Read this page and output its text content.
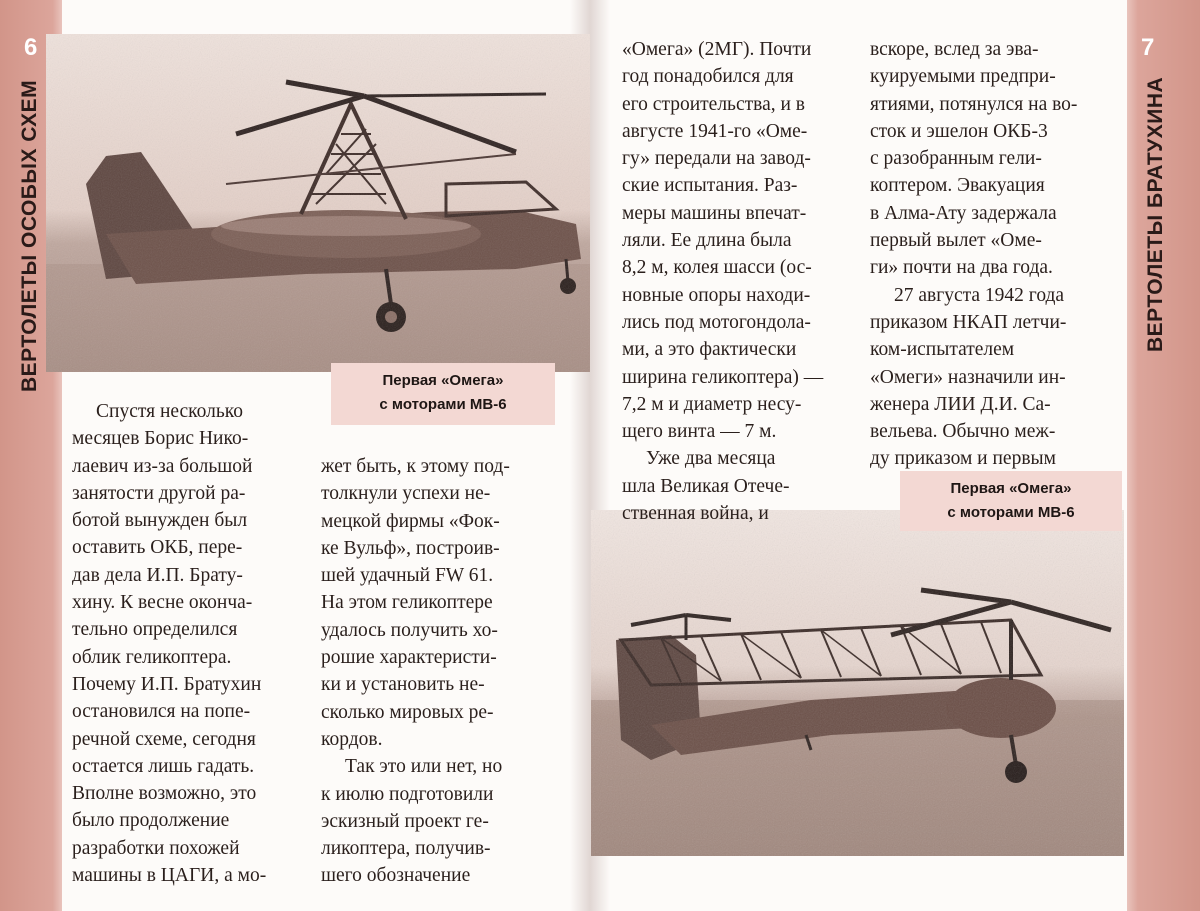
6
ВЕРТОЛЕТЫ ОСОБЫХ СХЕМ
7
ВЕРТОЛЕТЫ БРАТУХИНА
Первая «Омега»
с моторами МВ-6
Первая «Омега»
с моторами МВ-6
Спустя несколько
месяцев Борис Нико-
лаевич из-за большой
занятости другой ра-
ботой вынужден был
оставить ОКБ, пере-
дав дела И.П. Брату-
хину. К весне оконча-
тельно определился
облик геликоптера.
Почему И.П. Братухин
остановился на попе-
речной схеме, сегодня
остается лишь гадать.
Вполне возможно, это
было продолжение
разработки похожей
машины в ЦАГИ, а мо-
жет быть, к этому под-
толкнули успехи не-
мецкой фирмы «Фок-
ке Вульф», построив-
шей удачный FW 61.
На этом геликоптере
удалось получить хо-
рошие характеристи-
ки и установить не-
сколько мировых ре-
кордов.
Так это или нет, но
к июлю подготовили
эскизный проект ге-
ликоптера, получив-
шего обозначение
«Омега» (2МГ). Почти
год понадобился для
его строительства, и в
августе 1941-го «Оме-
гу» передали на завод-
ские испытания. Раз-
меры машины впечат-
ляли. Ее длина была
8,2 м, колея шасси (ос-
новные опоры находи-
лись под мотогондола-
ми, а это фактически
ширина геликоптера) —
7,2 м и диаметр несу-
щего винта — 7 м.
Уже два месяца
шла Великая Отече-
ственная война, и
вскоре, вслед за эва-
куируемыми предпри-
ятиями, потянулся на во-
сток и эшелон ОКБ-3
с разобранным гели-
коптером. Эвакуация
в Алма-Ату задержала
первый вылет «Оме-
ги» почти на два года.
27 августа 1942 года
приказом НКАП летчи-
ком-испытателем
«Омеги» назначили ин-
женера ЛИИ Д.И. Са-
вельева. Обычно меж-
ду приказом и первым
